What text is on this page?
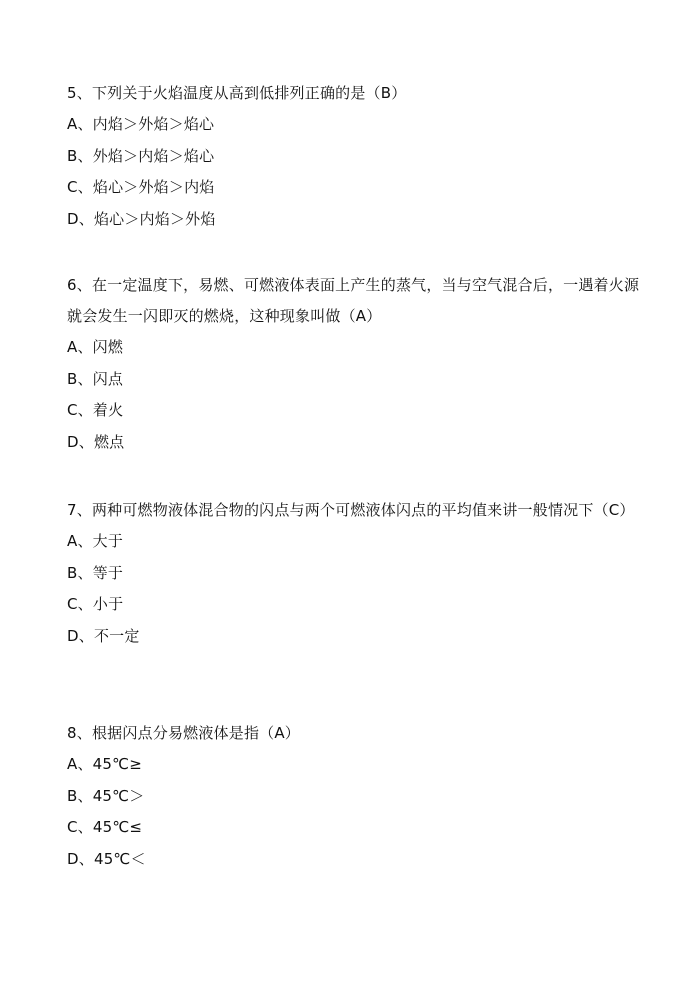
5、下列关于火焰温度从高到低排列正确的是（B）

A、内焰＞外焰＞焰心

B、外焰＞内焰＞焰心

C、焰心＞外焰＞内焰

D、焰心＞内焰＞外焰

6、在一定温度下，易燃、可燃液体表面上产生的蒸气，当与空气混合后，一遇着火源就会发生一闪即灭的燃烧，这种现象叫做（A）

A、闪燃

B、闪点

C、着火

D、燃点

7、两种可燃物液体混合物的闪点与两个可燃液体闪点的平均值来讲一般情况下（C）

A、大于

B、等于

C、小于

D、不一定

8、根据闪点分易燃液体是指（A）

A、45℃≥

B、45℃＞

C、45℃≤

D、45℃＜
